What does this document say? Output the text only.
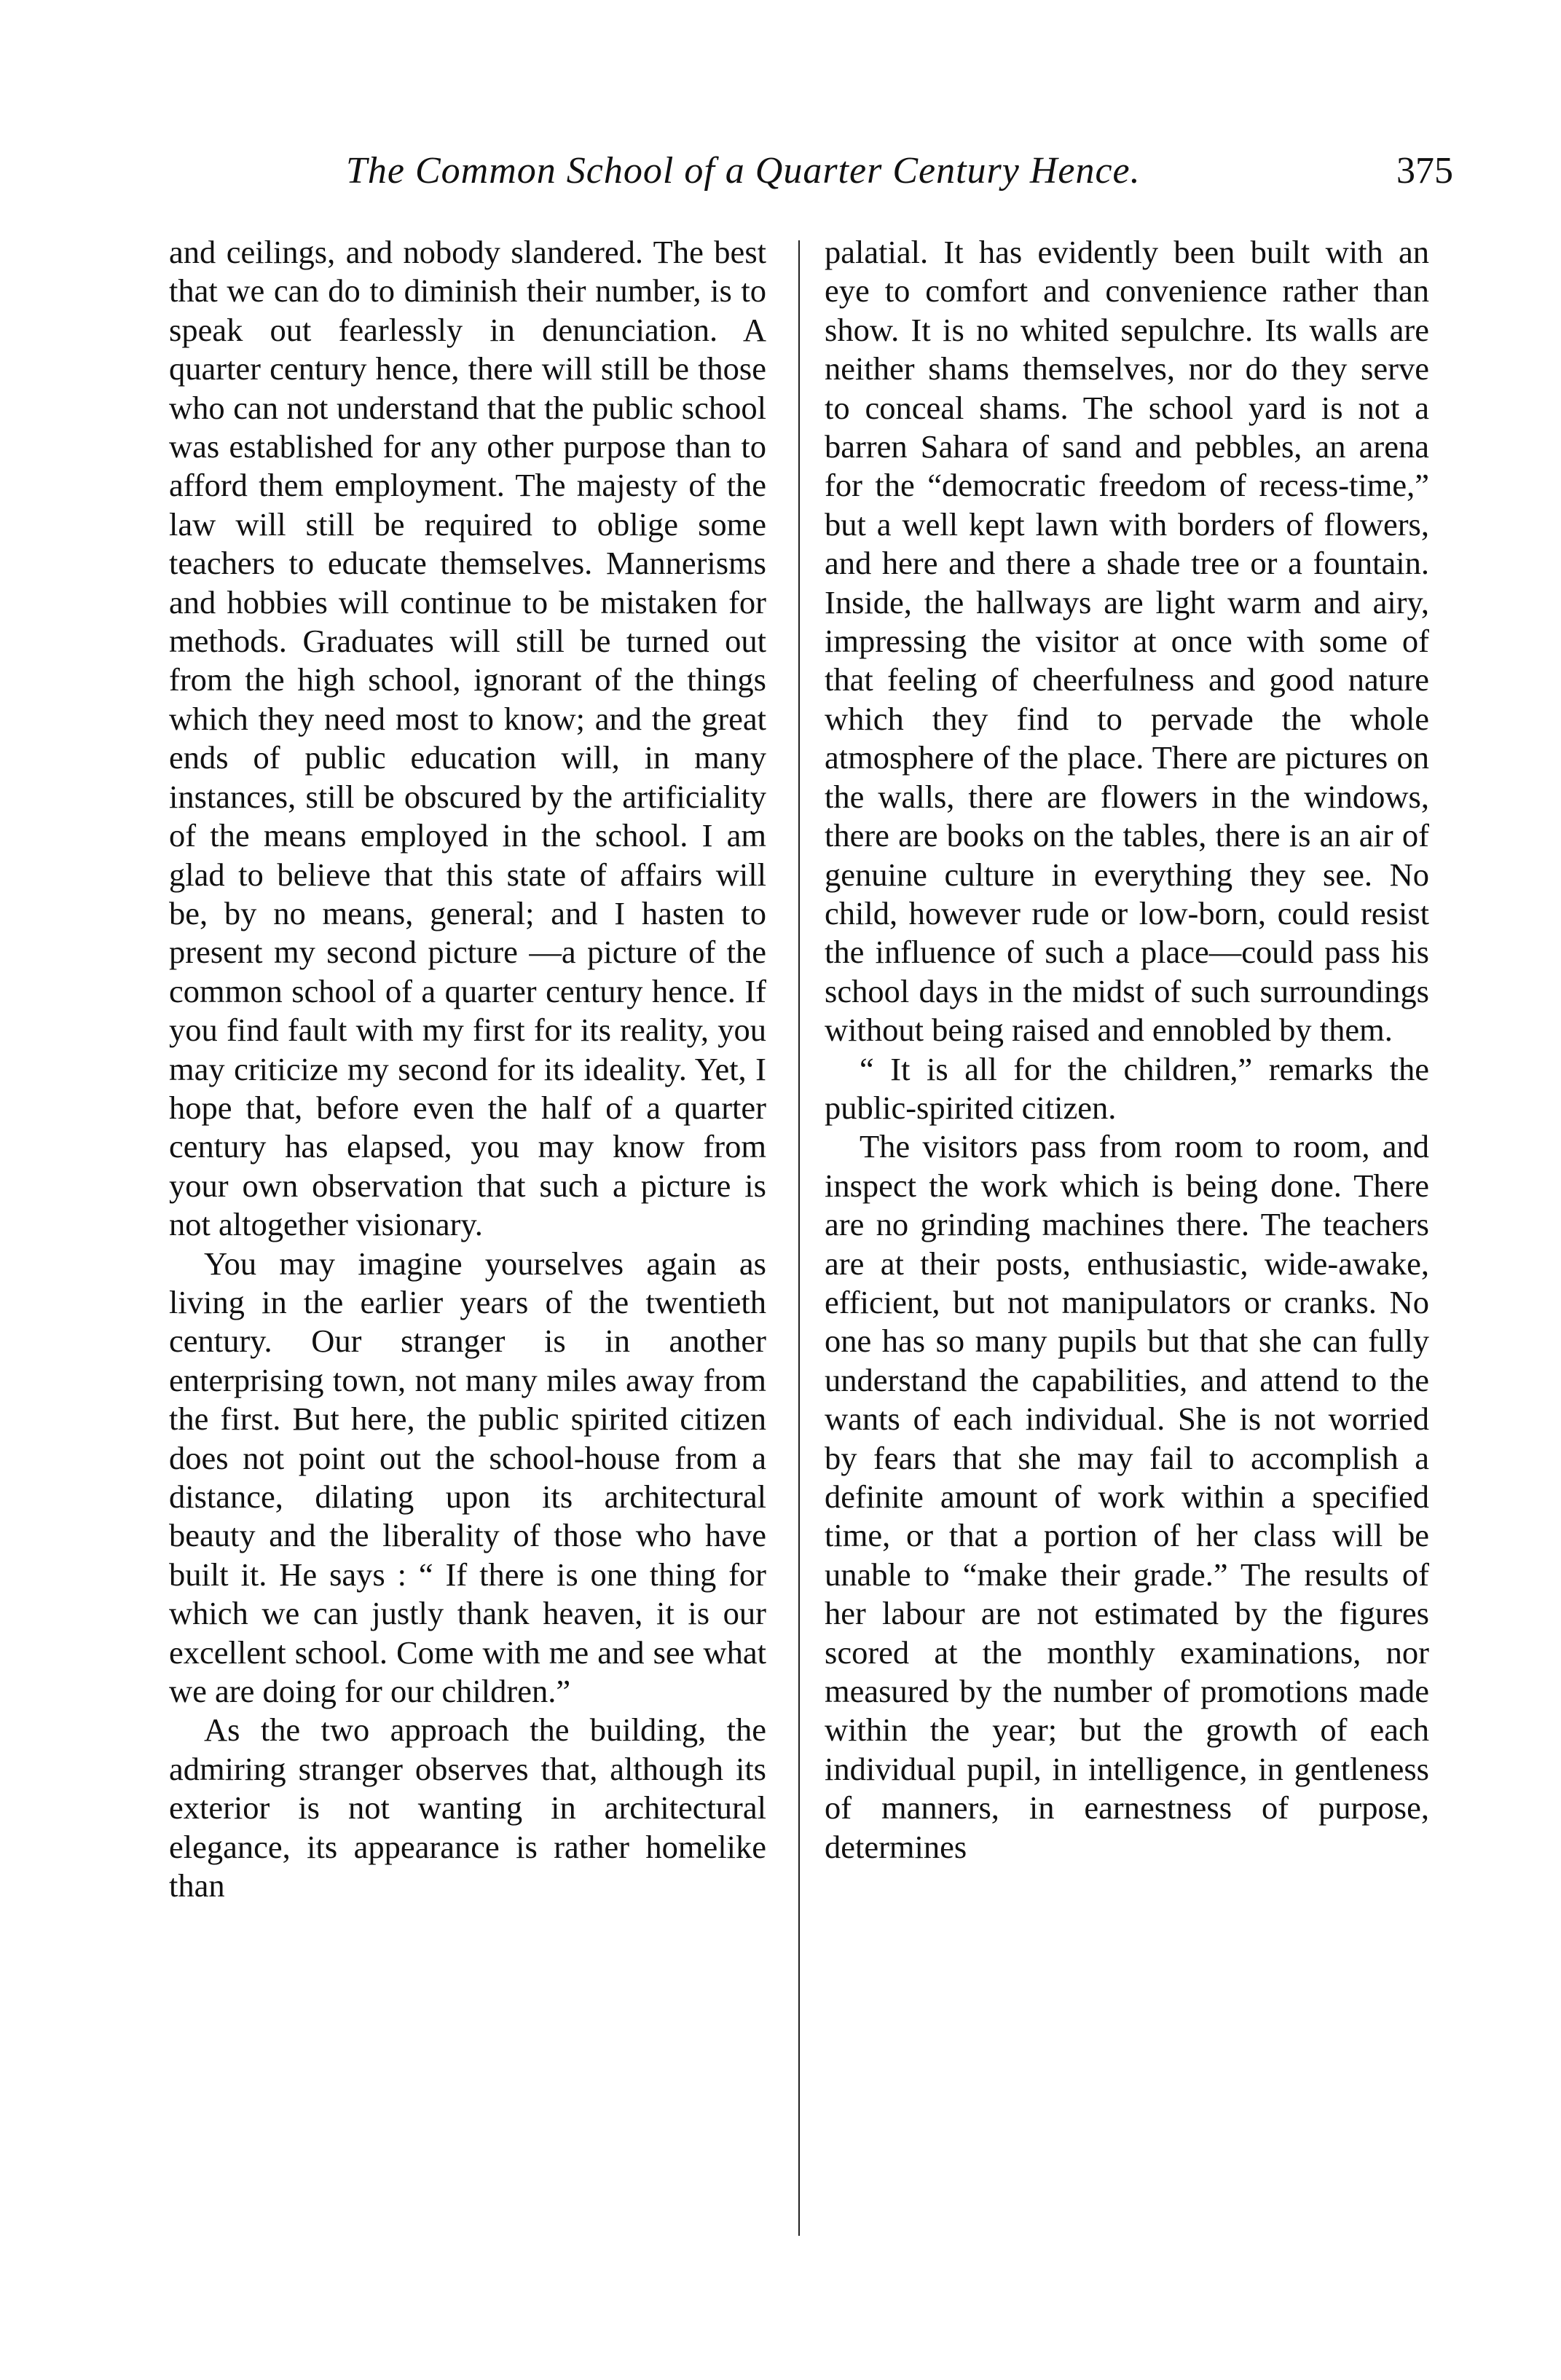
The Common School of a Quarter Century Hence.	375

and ceilings, and nobody slandered. The best that we can do to diminish their number, is to speak out fearlessly in denunciation. A quarter century hence, there will still be those who can not understand that the public school was established for any other purpose than to afford them employment. The majesty of the law will still be required to oblige some teachers to educate themselves. Mannerisms and hobbies will continue to be mistaken for methods. Graduates will still be turned out from the high school, ignorant of the things which they need most to know; and the great ends of public education will, in many instances, still be obscured by the artificiality of the means employed in the school. I am glad to believe that this state of affairs will be, by no means, general; and I hasten to present my second picture —a picture of the common school of a quarter century hence. If you find fault with my first for its reality, you may criticize my second for its ideality. Yet, I hope that, before even the half of a quarter century has elapsed, you may know from your own observation that such a picture is not altogether visionary.

You may imagine yourselves again as living in the earlier years of the twentieth century. Our stranger is in another enterprising town, not many miles away from the first. But here, the public spirited citizen does not point out the school-house from a distance, dilating upon its architectural beauty and the liberality of those who have built it. He says : “ If there is one thing for which we can justly thank heaven, it is our excellent school. Come with me and see what we are doing for our children.”

As the two approach the building, the admiring stranger observes that, although its exterior is not wanting in architectural elegance, its appearance is rather homelike than

palatial. It has evidently been built with an eye to comfort and convenience rather than show. It is no whited sepulchre. Its walls are neither shams themselves, nor do they serve to conceal shams. The school yard is not a barren Sahara of sand and pebbles, an arena for the “democratic freedom of recess-time,” but a well kept lawn with borders of flowers, and here and there a shade tree or a fountain. Inside, the hallways are light warm and airy, impressing the visitor at once with some of that feeling of cheerfulness and good nature which they find to pervade the whole atmosphere of the place. There are pictures on the walls, there are flowers in the windows, there are books on the tables, there is an air of genuine culture in everything they see. No child, however rude or low-born, could resist the influence of such a place—could pass his school days in the midst of such surroundings without being raised and ennobled by them.

“ It is all for the children,” remarks the public-spirited citizen.

The visitors pass from room to room, and inspect the work which is being done. There are no grinding machines there. The teachers are at their posts, enthusiastic, wide-awake, efficient, but not manipulators or cranks. No one has so many pupils but that she can fully understand the capabilities, and attend to the wants of each individual. She is not worried by fears that she may fail to accomplish a definite amount of work within a specified time, or that a portion of her class will be unable to “make their grade.” The results of her labour are not estimated by the figures scored at the monthly examinations, nor measured by the number of promotions made within the year; but the growth of each individual pupil, in intelligence, in gentleness of manners, in earnestness of purpose, determines
